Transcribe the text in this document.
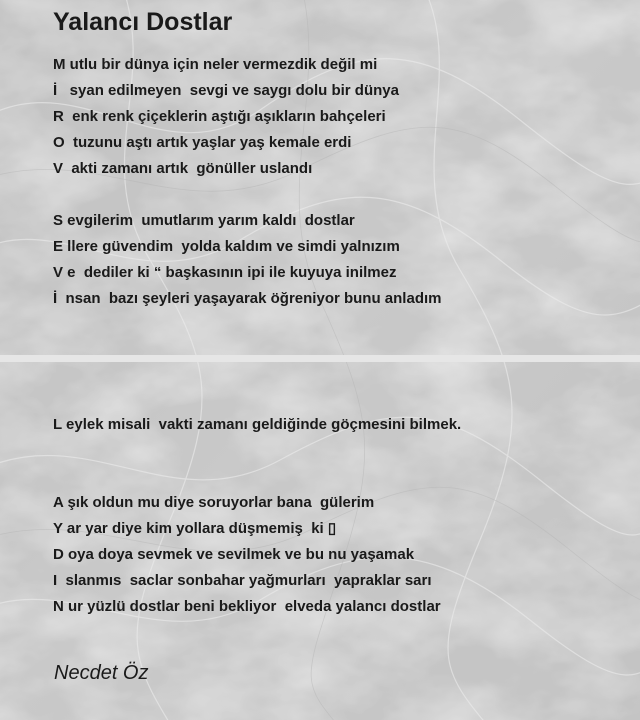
Yalancı Dostlar

M utlu bir dünya için neler vermezdik değil mi

İ   syan edilmeyen  sevgi ve saygı dolu bir dünya

R  enk renk çiçeklerin aştığı aşıkların bahçeleri

O  tuzunu aştı artık yaşlar yaş kemale erdi

V  akti zamanı artık  gönüller uslandı

S evgilerim  umutlarım yarım kaldı  dostlar

E llere güvendim  yolda kaldım ve simdi yalnızım

V e  dediler ki “ başkasının ipi ile kuyuya inilmez

İ  nsan  bazı şeyleri yaşayarak öğreniyor bunu anladım

L eylek misali  vakti zamanı geldiğinde göçmesini bilmek.

A şık oldun mu diye soruyorlar bana  gülerim

Y ar yar diye kim yollara düşmemiş  ki ▯

D oya doya sevmek ve sevilmek ve bu nu yaşamak

I  slanmıs  saclar sonbahar yağmurları  yapraklar sarı

N ur yüzlü dostlar beni bekliyor  elveda yalancı dostlar

Necdet Öz
